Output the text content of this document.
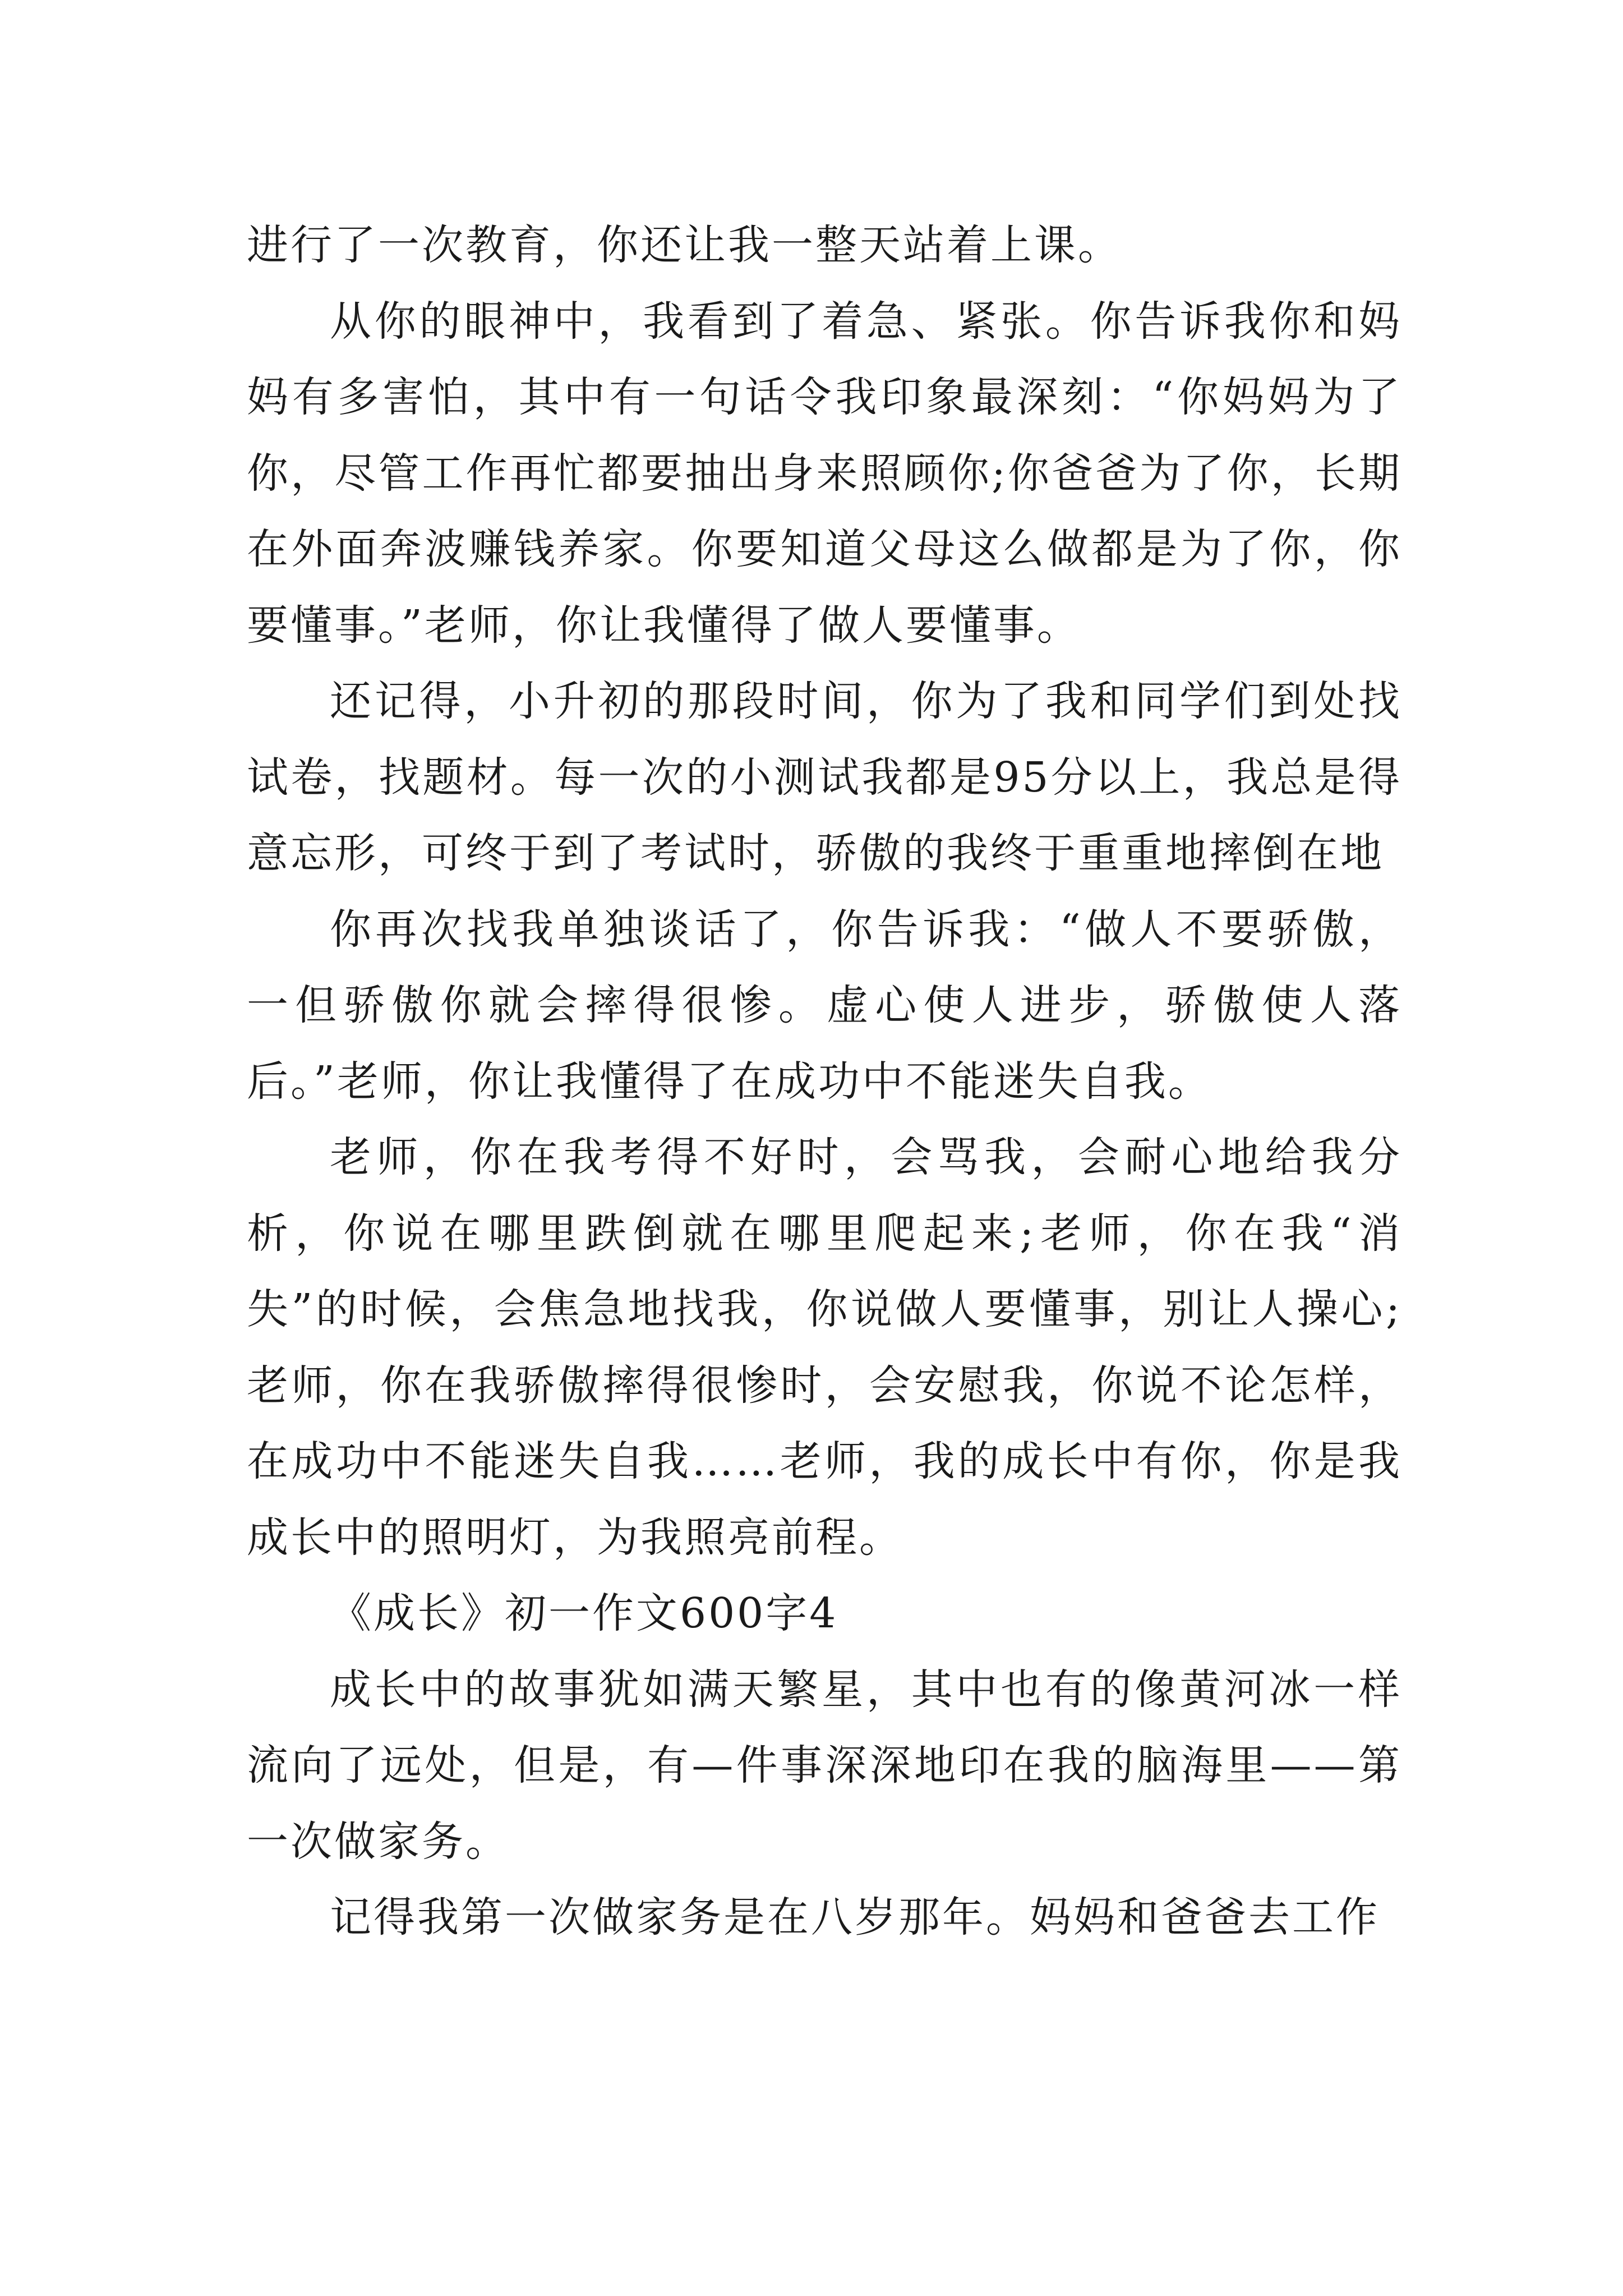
进行了一次教育，你还让我一整天站着上课。

从你的眼神中，我看到了着急、紧张。你告诉我你和妈妈有多害怕，其中有一句话令我印象最深刻：“你妈妈为了你，尽管工作再忙都要抽出身来照顾你;你爸爸为了你，长期在外面奔波赚钱养家。你要知道父母这么做都是为了你，你要懂事。”老师，你让我懂得了做人要懂事。

还记得，小升初的那段时间，你为了我和同学们到处找试卷，找题材。每一次的小测试我都是95分以上，我总是得意忘形，可终于到了考试时，骄傲的我终于重重地摔倒在地

你再次找我单独谈话了，你告诉我：“做人不要骄傲，一但骄傲你就会摔得很惨。虚心使人进步，骄傲使人落后。”老师，你让我懂得了在成功中不能迷失自我。

老师，你在我考得不好时，会骂我，会耐心地给我分析，你说在哪里跌倒就在哪里爬起来;老师，你在我“消失”的时候，会焦急地找我，你说做人要懂事，别让人操心;老师，你在我骄傲摔得很惨时，会安慰我，你说不论怎样，在成功中不能迷失自我……老师，我的成长中有你，你是我成长中的照明灯，为我照亮前程。

《成长》初一作文600字4

成长中的故事犹如满天繁星，其中也有的像黄河冰一样流向了远处，但是，有—件事深深地印在我的脑海里——第一次做家务。

记得我第一次做家务是在八岁那年。妈妈和爸爸去工作
